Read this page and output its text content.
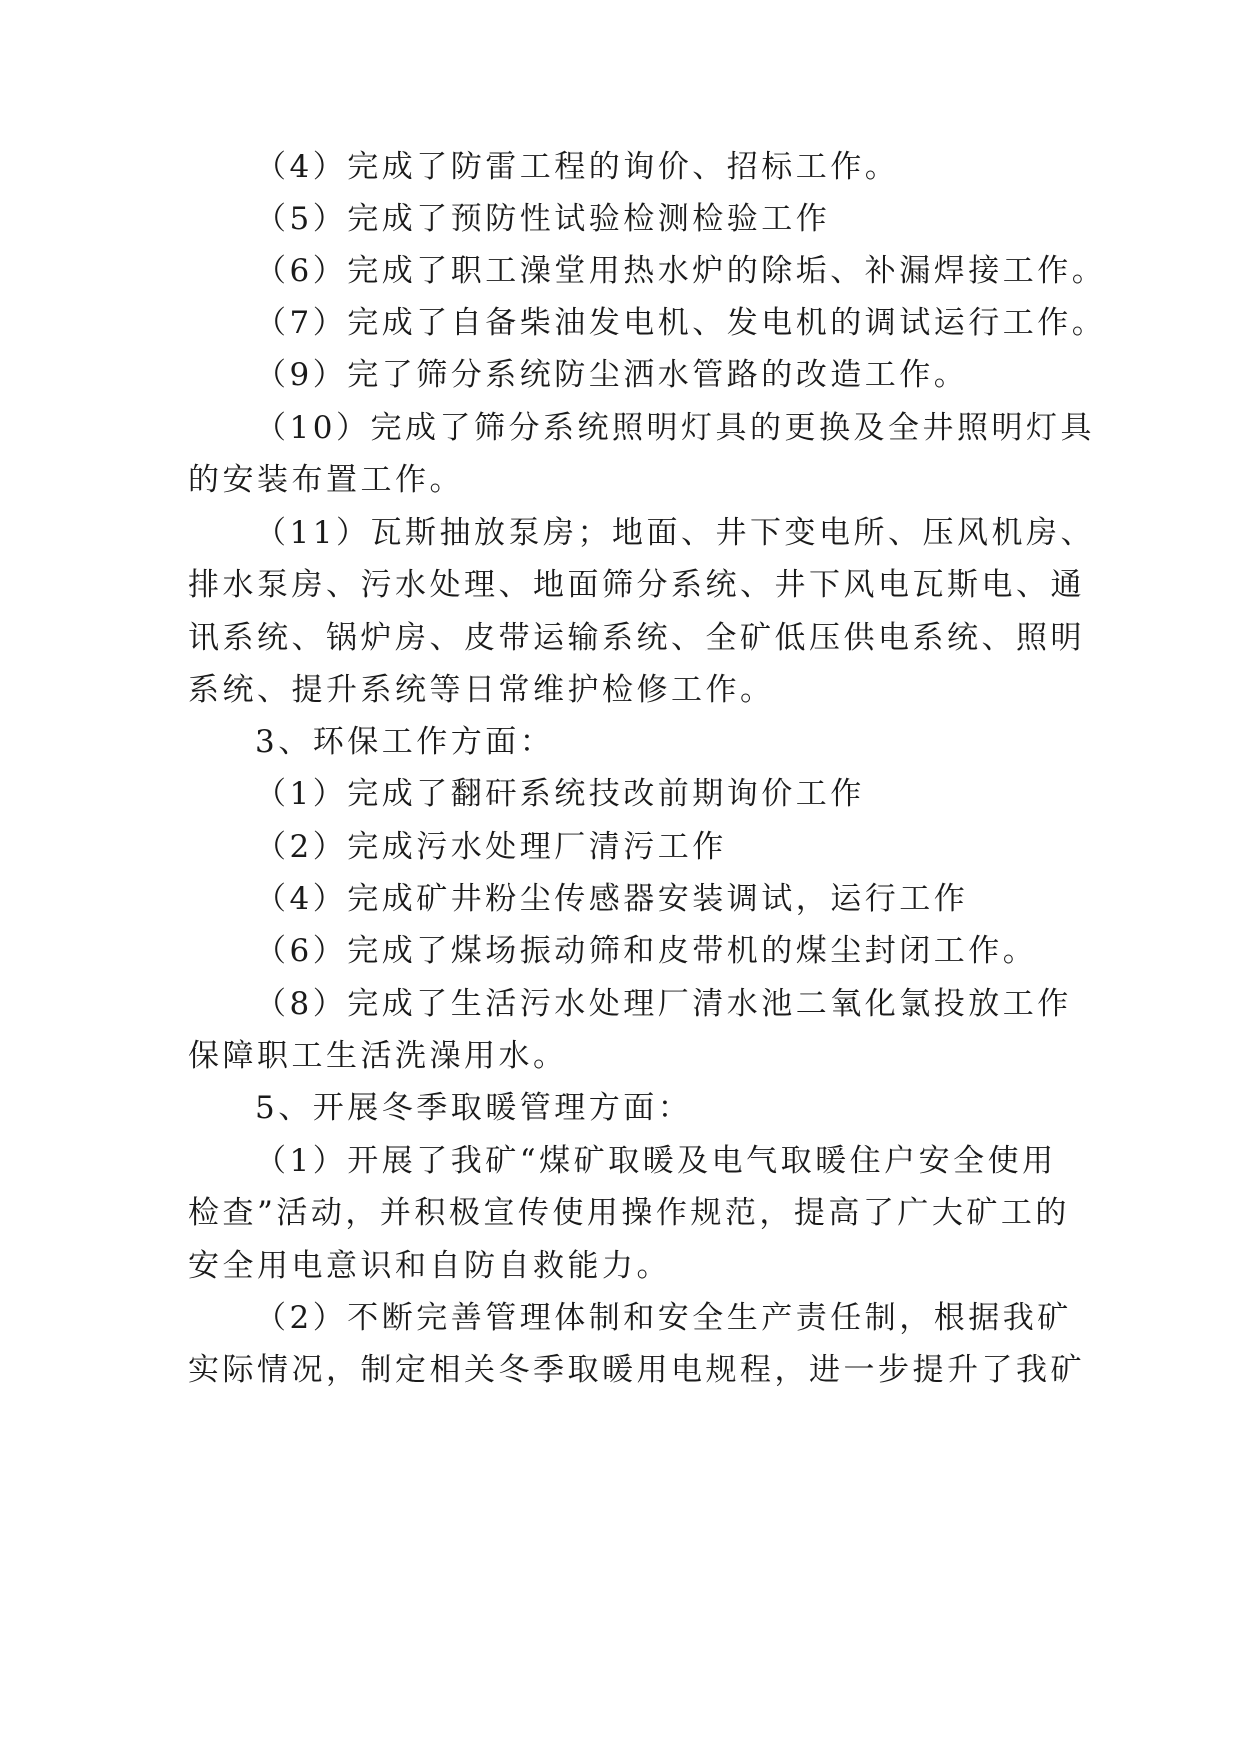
（4）完成了防雷工程的询价、招标工作。
（5）完成了预防性试验检测检验工作
（6）完成了职工澡堂用热水炉的除垢、补漏焊接工作。
（7）完成了自备柴油发电机、发电机的调试运行工作。
（9）完了筛分系统防尘洒水管路的改造工作。
（10）完成了筛分系统照明灯具的更换及全井照明灯具
的安装布置工作。
（11）瓦斯抽放泵房；地面、井下变电所、压风机房、
排水泵房、污水处理、地面筛分系统、井下风电瓦斯电、通
讯系统、锅炉房、皮带运输系统、全矿低压供电系统、照明
系统、提升系统等日常维护检修工作。
3、环保工作方面：
（1）完成了翻矸系统技改前期询价工作
（2）完成污水处理厂清污工作
（4）完成矿井粉尘传感器安装调试，运行工作
（6）完成了煤场振动筛和皮带机的煤尘封闭工作。
（8）完成了生活污水处理厂清水池二氧化氯投放工作
保障职工生活洗澡用水。
5、开展冬季取暖管理方面：
（1）开展了我矿“煤矿取暖及电气取暖住户安全使用
检查”活动，并积极宣传使用操作规范，提高了广大矿工的
安全用电意识和自防自救能力。
（2）不断完善管理体制和安全生产责任制，根据我矿
实际情况，制定相关冬季取暖用电规程，进一步提升了我矿
